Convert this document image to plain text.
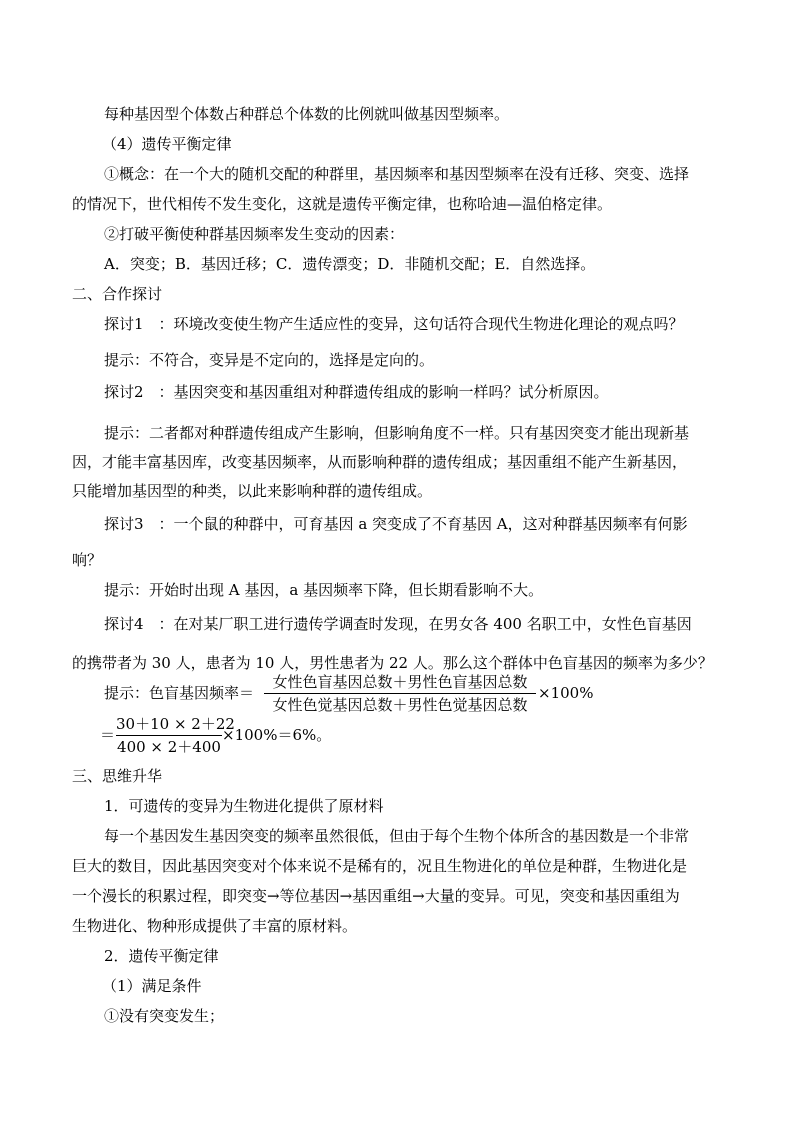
每种基因型个体数占种群总个体数的比例就叫做基因型频率。
（4）遗传平衡定律
①概念：在一个大的随机交配的种群里，基因频率和基因型频率在没有迁移、突变、选择
的情况下，世代相传不发生变化，这就是遗传平衡定律，也称哈迪—温伯格定律。
②打破平衡使种群基因频率发生变动的因素：
A．突变；B．基因迁移；C．遗传漂变；D．非随机交配；E．自然选择。
二、合作探讨
探讨1　：环境改变使生物产生适应性的变异，这句话符合现代生物进化理论的观点吗？
提示：不符合，变异是不定向的，选择是定向的。
探讨2　：基因突变和基因重组对种群遗传组成的影响一样吗？试分析原因。
提示：二者都对种群遗传组成产生影响，但影响角度不一样。只有基因突变才能出现新基
因，才能丰富基因库，改变基因频率，从而影响种群的遗传组成；基因重组不能产生新基因，
只能增加基因型的种类，以此来影响种群的遗传组成。
探讨3　：一个鼠的种群中，可育基因 a 突变成了不育基因 A，这对种群基因频率有何影
响？
提示：开始时出现 A 基因，a 基因频率下降，但长期看影响不大。
探讨4　：在对某厂职工进行遗传学调查时发现，在男女各 400 名职工中，女性色盲基因
的携带者为 30 人，患者为 10 人，男性患者为 22 人。那么这个群体中色盲基因的频率为多少？
提示：色盲基因频率＝
女性色盲基因总数＋男性色盲基因总数
女性色觉基因总数＋男性色觉基因总数
×100%
＝
30＋10 × 2＋22
400 × 2＋400
×100%＝6%。
三、思维升华
1．可遗传的变异为生物进化提供了原材料
每一个基因发生基因突变的频率虽然很低，但由于每个生物个体所含的基因数是一个非常
巨大的数目，因此基因突变对个体来说不是稀有的，况且生物进化的单位是种群，生物进化是
一个漫长的积累过程，即突变→等位基因→基因重组→大量的变异。可见，突变和基因重组为
生物进化、物种形成提供了丰富的原材料。
2．遗传平衡定律
（1）满足条件
①没有突变发生；
